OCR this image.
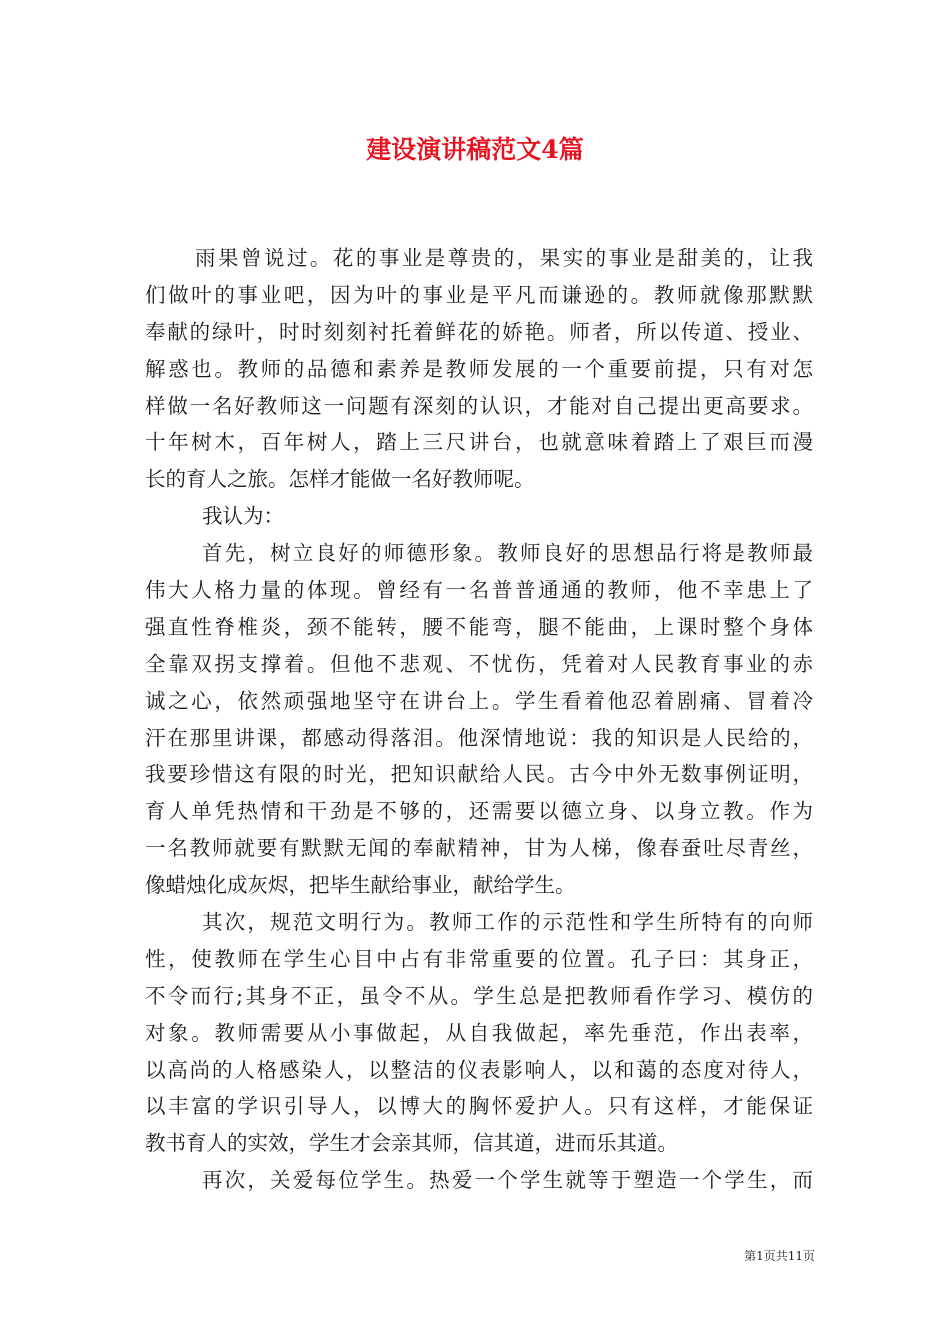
建设演讲稿范文4篇
雨果曾说过。花的事业是尊贵的，果实的事业是甜美的，让我
们做叶的事业吧，因为叶的事业是平凡而谦逊的。教师就像那默默
奉献的绿叶，时时刻刻衬托着鲜花的娇艳。师者，所以传道、授业、
解惑也。教师的品德和素养是教师发展的一个重要前提，只有对怎
样做一名好教师这一问题有深刻的认识，才能对自己提出更高要求。
十年树木，百年树人，踏上三尺讲台，也就意味着踏上了艰巨而漫
长的育人之旅。怎样才能做一名好教师呢。
我认为：
首先，树立良好的师德形象。教师良好的思想品行将是教师最
伟大人格力量的体现。曾经有一名普普通通的教师，他不幸患上了
强直性脊椎炎，颈不能转，腰不能弯，腿不能曲，上课时整个身体
全靠双拐支撑着。但他不悲观、不忧伤，凭着对人民教育事业的赤
诚之心，依然顽强地坚守在讲台上。学生看着他忍着剧痛、冒着冷
汗在那里讲课，都感动得落泪。他深情地说：我的知识是人民给的，
我要珍惜这有限的时光，把知识献给人民。古今中外无数事例证明，
育人单凭热情和干劲是不够的，还需要以德立身、以身立教。作为
一名教师就要有默默无闻的奉献精神，甘为人梯，像春蚕吐尽青丝，
像蜡烛化成灰烬，把毕生献给事业，献给学生。
其次，规范文明行为。教师工作的示范性和学生所特有的向师
性，使教师在学生心目中占有非常重要的位置。孔子曰：其身正，
不令而行;其身不正，虽令不从。学生总是把教师看作学习、模仿的
对象。教师需要从小事做起，从自我做起，率先垂范，作出表率，
以高尚的人格感染人，以整洁的仪表影响人，以和蔼的态度对待人，
以丰富的学识引导人，以博大的胸怀爱护人。只有这样，才能保证
教书育人的实效，学生才会亲其师，信其道，进而乐其道。
再次，关爱每位学生。热爱一个学生就等于塑造一个学生，而
第1页共11页
